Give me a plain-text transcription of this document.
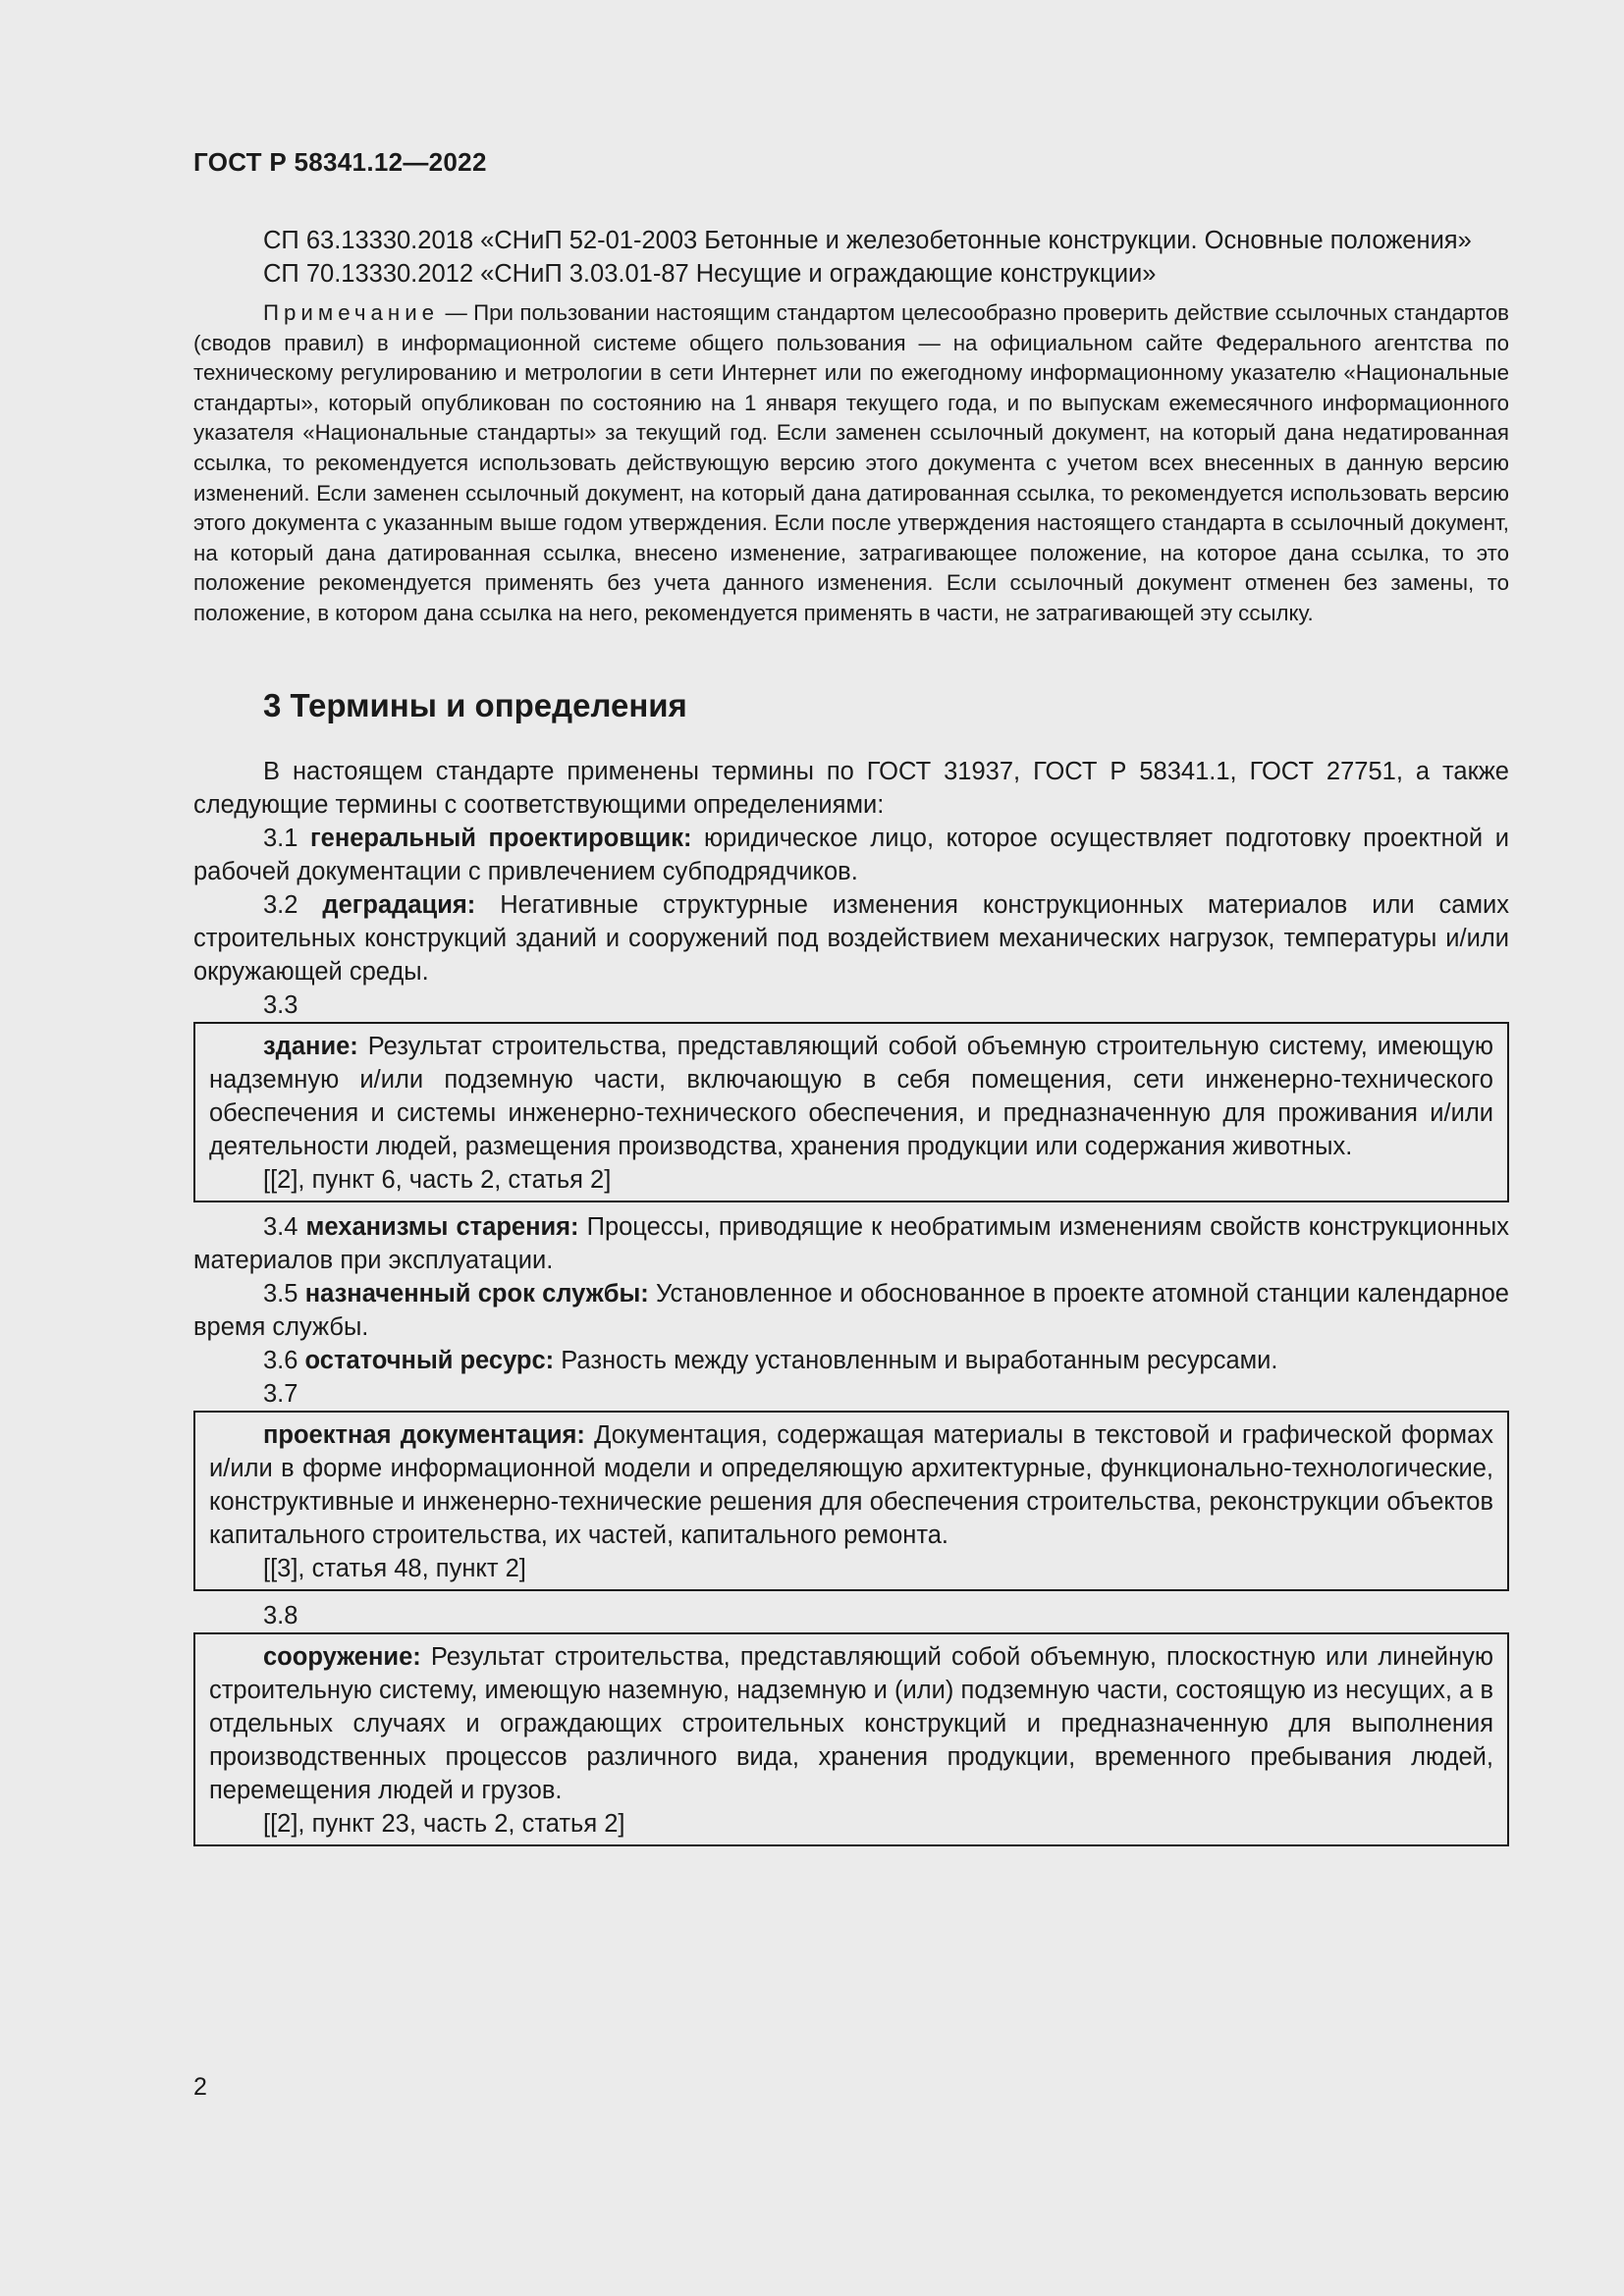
ГОСТ Р 58341.12—2022

СП 63.13330.2018 «СНиП 52-01-2003 Бетонные и железобетонные конструкции. Основные положения»

СП 70.13330.2012 «СНиП 3.03.01-87 Несущие и ограждающие конструкции»

Примечание — При пользовании настоящим стандартом целесообразно проверить действие ссылочных стандартов (сводов правил) в информационной системе общего пользования — на официальном сайте Федерального агентства по техническому регулированию и метрологии в сети Интернет или по ежегодному информационному указателю «Национальные стандарты», который опубликован по состоянию на 1 января текущего года, и по выпускам ежемесячного информационного указателя «Национальные стандарты» за текущий год. Если заменен ссылочный документ, на который дана недатированная ссылка, то рекомендуется использовать действующую версию этого документа с учетом всех внесенных в данную версию изменений. Если заменен ссылочный документ, на который дана датированная ссылка, то рекомендуется использовать версию этого документа с указанным выше годом утверждения. Если после утверждения настоящего стандарта в ссылочный документ, на который дана датированная ссылка, внесено изменение, затрагивающее положение, на которое дана ссылка, то это положение рекомендуется применять без учета данного изменения. Если ссылочный документ отменен без замены, то положение, в котором дана ссылка на него, рекомендуется применять в части, не затрагивающей эту ссылку.

3 Термины и определения

В настоящем стандарте применены термины по ГОСТ 31937, ГОСТ Р 58341.1, ГОСТ 27751, а также следующие термины с соответствующими определениями:

3.1 генеральный проектировщик: юридическое лицо, которое осуществляет подготовку проектной и рабочей документации с привлечением субподрядчиков.

3.2 деградация: Негативные структурные изменения конструкционных материалов или самих строительных конструкций зданий и сооружений под воздействием механических нагрузок, температуры и/или окружающей среды.

3.3

здание: Результат строительства, представляющий собой объемную строительную систему, имеющую надземную и/или подземную части, включающую в себя помещения, сети инженерно-технического обеспечения и системы инженерно-технического обеспечения, и предназначенную для проживания и/или деятельности людей, размещения производства, хранения продукции или содержания животных.

[[2], пункт 6, часть 2, статья 2]

3.4 механизмы старения: Процессы, приводящие к необратимым изменениям свойств конструкционных материалов при эксплуатации.

3.5 назначенный срок службы: Установленное и обоснованное в проекте атомной станции календарное время службы.

3.6 остаточный ресурс: Разность между установленным и выработанным ресурсами.

3.7

проектная документация: Документация, содержащая материалы в текстовой и графической формах и/или в форме информационной модели и определяющую архитектурные, функционально-технологические, конструктивные и инженерно-технические решения для обеспечения строительства, реконструкции объектов капитального строительства, их частей, капитального ремонта.

[[3], статья 48, пункт 2]

3.8

сооружение: Результат строительства, представляющий собой объемную, плоскостную или линейную строительную систему, имеющую наземную, надземную и (или) подземную части, состоящую из несущих, а в отдельных случаях и ограждающих строительных конструкций и предназначенную для выполнения производственных процессов различного вида, хранения продукции, временного пребывания людей, перемещения людей и грузов.

[[2], пункт 23, часть 2, статья 2]

2
